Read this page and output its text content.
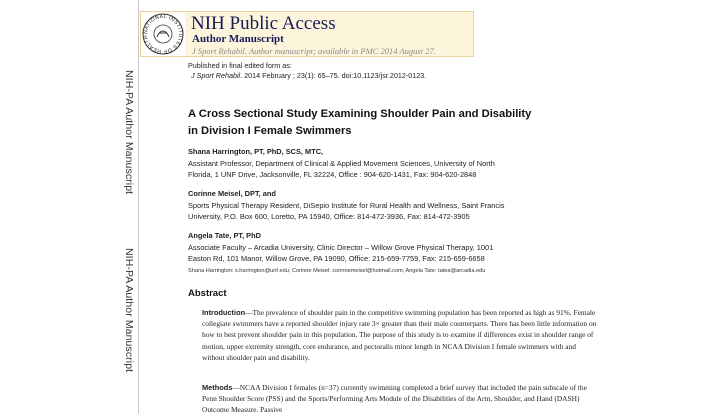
NIH-PA Author Manuscript
NIH-PA Author Manuscript
NATIONAL INSTITUTES OF HEALTH
NIH Public Access
Author Manuscript
J Sport Rehabil. Author manuscript; available in PMC 2014 August 27.
Published in final edited form as:
J Sport Rehabil. 2014 February ; 23(1): 65–75. doi:10.1123/jsr.2012-0123.
A Cross Sectional Study Examining Shoulder Pain and Disability
in Division I Female Swimmers
Shana Harrington, PT, PhD, SCS, MTC,
Assistant Professor, Department of Clinical & Applied Movement Sciences, University of North
Florida, 1 UNF Drive, Jacksonville, FL 32224, Office : 904-620-1431, Fax: 904-620-2848
Corinne Meisel, DPT, and
Sports Physical Therapy Resident, DiSepio Institute for Rural Health and Wellness, Saint Francis
University, P.O. Box 600, Loretto, PA 15940, Office: 814-472-3936, Fax: 814-472-3905
Angela Tate, PT, PhD
Associate Faculty – Arcadia University, Clinic Director – Willow Grove Physical Therapy, 1001
Easton Rd, 101 Manor, Willow Grove, PA 19090, Office: 215-659-7759, Fax: 215-659-6658
Shana Harrington: s.harrington@unf.edu; Corinne Meisel: corinnemeisel@hotmail.com; Angela Tate: tatea@arcadia.edu
Abstract
Introduction—The prevalence of shoulder pain in the competitive swimming population has been reported as high as 91%. Female collegiate swimmers have a reported shoulder injury rate 3× greater than their male counterparts. There has been little information on how to best prevent shoulder pain in this population. The purpose of this study is to examine if differences exist in shoulder range of motion, upper extremity strength, core endurance, and pectoralis minor length in NCAA Division I female swimmers with and without shoulder pain and disability.
Methods—NCAA Division I females (n=37) currently swimming completed a brief survey that included the pain subscale of the Penn Shoulder Score (PSS) and the Sports/Performing Arts Module of the Disabilities of the Arm, Shoulder, and Hand (DASH) Outcome Measure. Passive
